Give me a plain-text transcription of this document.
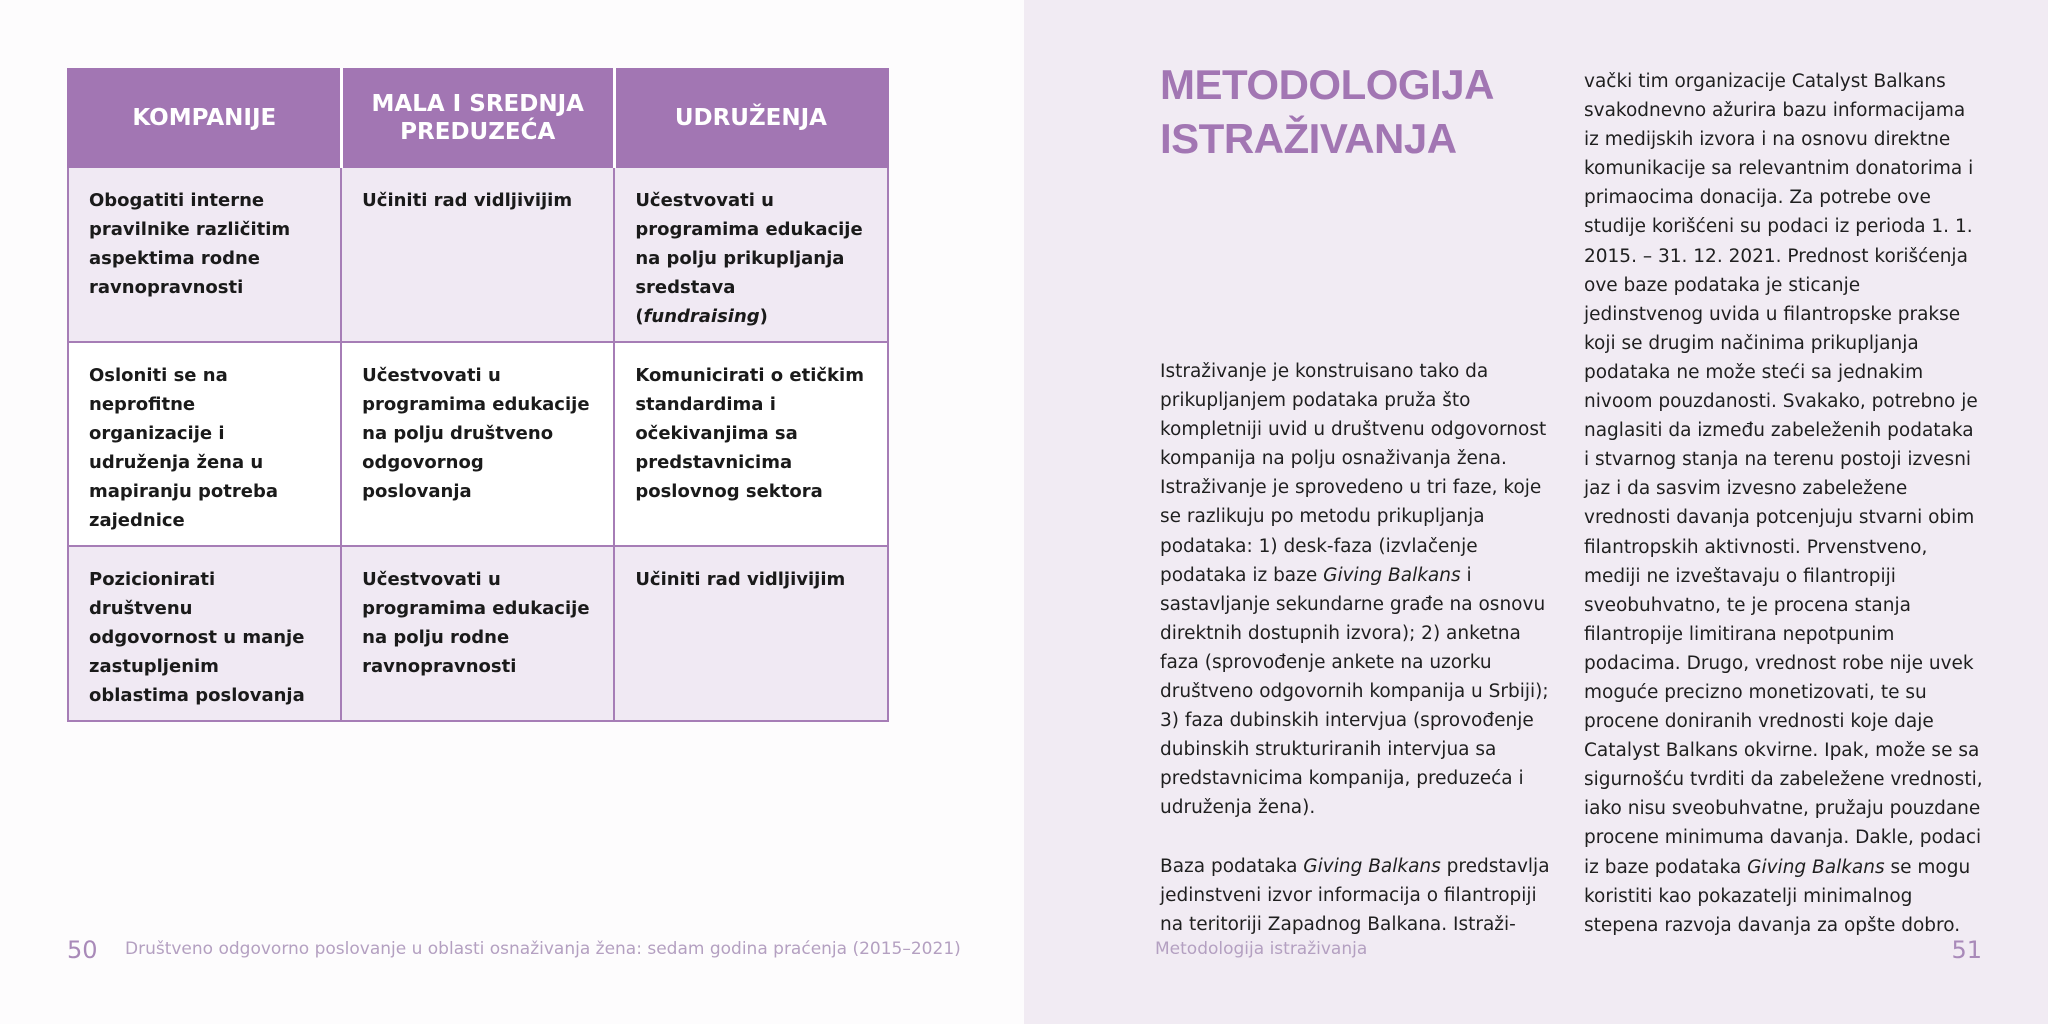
KOMPANIJE	MALA I SREDNJA PREDUZEĆA	UDRUŽENJA
Obogatiti interne pravilnike različitim aspektima rodne ravnopravnosti	Učiniti rad vidljivijim	Učestvovati u programima edukacije na polju prikupljanja sredstava (fundraising)
Osloniti se na neprofitne organizacije i udruženja žena u mapiranju potreba zajednice	Učestvovati u programima edukacije na polju društveno odgovornog poslovanja	Komunicirati o etičkim standardima i očekivanjima sa predstavnicima poslovnog sektora
Pozicionirati društvenu odgovornost u manje zastupljenim oblastima poslovanja	Učestvovati u programima edukacije na polju rodne ravnopravnosti	Učiniti rad vidljivijim
50 Društveno odgovorno poslovanje u oblasti osnaživanja žena: sedam godina praćenja (2015–2021)
METODOLOGIJA
ISTRAŽIVANJA

Istraživanje je konstruisano tako da prikupljanjem podataka pruža što kompletniji uvid u društvenu odgovornost kompanija na polju osnaživanja žena. Istraživanje je sprovedeno u tri faze, koje se razlikuju po metodu prikupljanja podataka: 1) desk-faza (izvlačenje podataka iz baze Giving Balkans i sastavljanje sekundarne građe na osnovu direktnih dostupnih izvora); 2) anketna faza (sprovođenje ankete na uzorku društveno odgovornih kompanija u Srbiji); 3) faza dubinskih intervjua (sprovođenje dubinskih strukturiranih intervjua sa predstavnicima kompanija, preduzeća i udruženja žena).

Baza podataka Giving Balkans predstavlja jedinstveni izvor informacija o filantropiji na teritoriji Zapadnog Balkana. Istraži-

vački tim organizacije Catalyst Balkans svakodnevno ažurira bazu informacijama iz medijskih izvora i na osnovu direktne komunikacije sa relevantnim donatorima i primaocima donacija. Za potrebe ove studije korišćeni su podaci iz perioda 1. 1. 2015. – 31. 12. 2021. Prednost korišćenja ove baze podataka je sticanje jedinstvenog uvida u filantropske prakse koji se drugim načinima prikupljanja podataka ne može steći sa jednakim nivoom pouzdanosti. Svakako, potrebno je naglasiti da između zabeleženih podataka i stvarnog stanja na terenu postoji izvesni jaz i da sasvim izvesno zabeležene vrednosti davanja potcenjuju stvarni obim filantropskih aktivnosti. Prvenstveno, mediji ne izveštavaju o filantropiji sveobuhvatno, te je procena stanja filantropije limitirana nepotpunim podacima. Drugo, vrednost robe nije uvek moguće precizno monetizovati, te su procene doniranih vrednosti koje daje Catalyst Balkans okvirne. Ipak, može se sa sigurnošću tvrditi da zabeležene vrednosti, iako nisu sveobuhvatne, pružaju pouzdane procene minimuma davanja. Dakle, podaci iz baze podataka Giving Balkans se mogu koristiti kao pokazatelji minimalnog stepena razvoja davanja za opšte dobro.

Metodologija istraživanja	51
